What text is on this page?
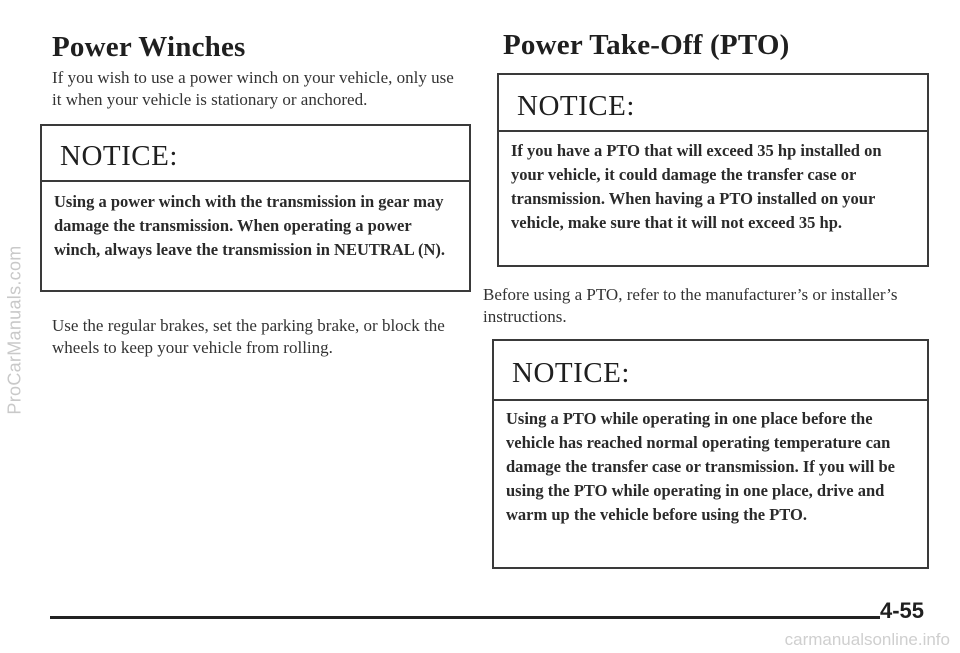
ProCarManuals.com
Power Winches

If you wish to use a power winch on your vehicle, only use it when your vehicle is stationary or anchored.

NOTICE:

Using a power winch with the transmission in gear may damage the transmission. When operating a power winch, always leave the transmission in NEUTRAL (N).

Use the regular brakes, set the parking brake, or block the wheels to keep your vehicle from rolling.

Power Take-Off (PTO)
NOTICE:

If you have a PTO that will exceed 35 hp installed on your vehicle, it could damage the transfer case or transmission. When having a PTO installed on your vehicle, make sure that it will not exceed 35 hp.

Before using a PTO, refer to the manufacturer’s or installer’s instructions.

NOTICE:

Using a PTO while operating in one place before the vehicle has reached normal operating temperature can damage the transfer case or transmission. If you will be using the PTO while operating in one place, drive and warm up the vehicle before using the PTO.

4-55
carmanualsonline.info
